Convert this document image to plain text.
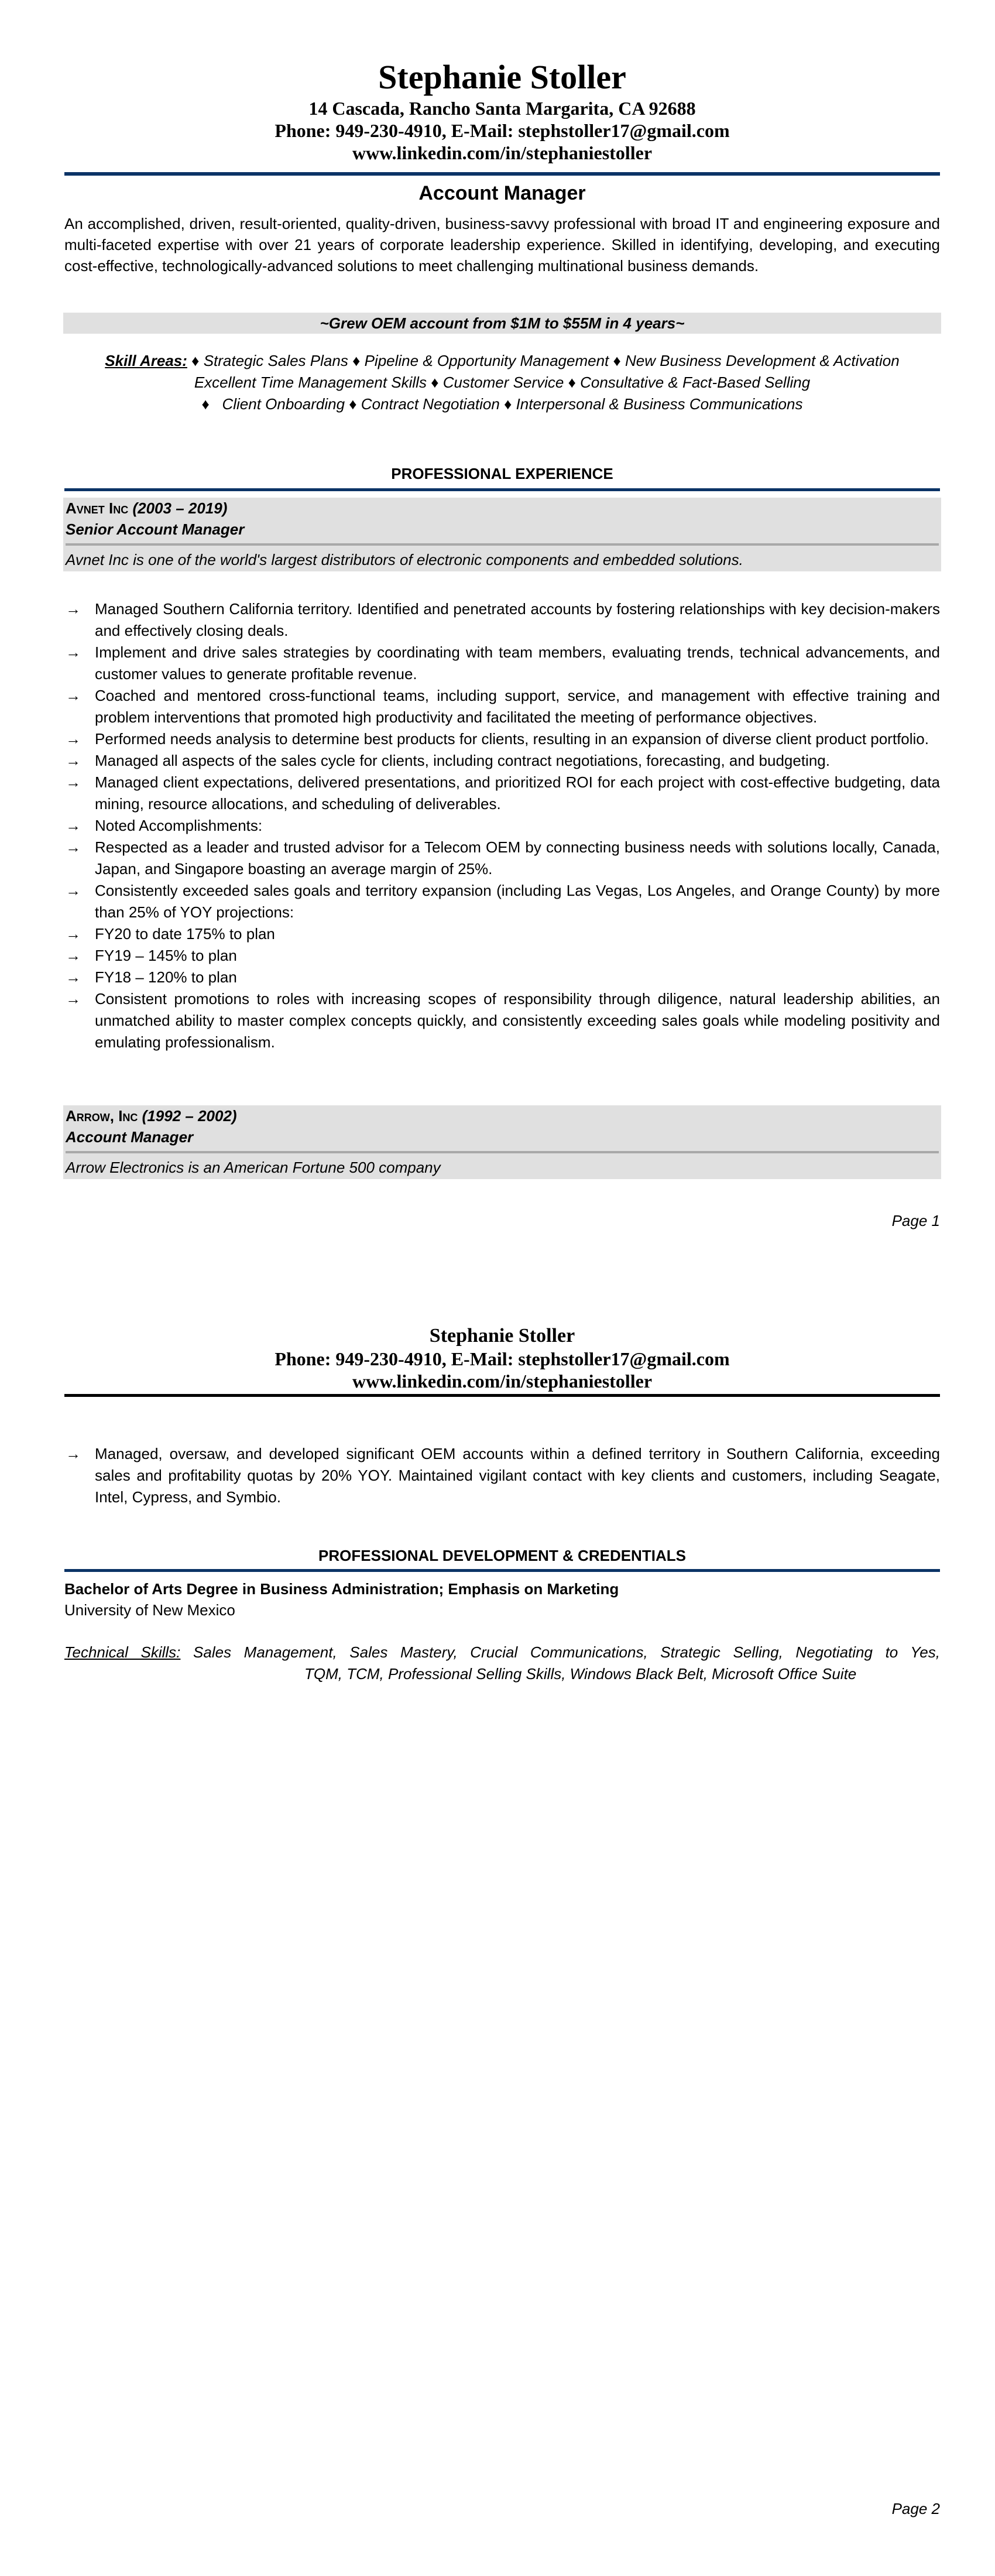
Stephanie Stoller
14 Cascada, Rancho Santa Margarita, CA 92688
Phone: 949-230-4910, E-Mail: stephstoller17@gmail.com
www.linkedin.com/in/stephaniestoller
Account Manager
An accomplished, driven, result-oriented, quality-driven, business-savvy professional with broad IT and engineering exposure and multi-faceted expertise with over 21 years of corporate leadership experience. Skilled in identifying, developing, and executing cost-effective, technologically-advanced solutions to meet challenging multinational business demands.
~Grew OEM account from $1M to $55M in 4 years~
Skill Areas: ♦ Strategic Sales Plans ♦ Pipeline & Opportunity Management ♦ New Business Development & Activation
Excellent Time Management Skills ♦ Customer Service ♦ Consultative & Fact-Based Selling
♦ Client Onboarding ♦ Contract Negotiation ♦ Interpersonal & Business Communications
PROFESSIONAL EXPERIENCE
Avnet Inc (2003 – 2019)
Senior Account Manager
Avnet Inc is one of the world's largest distributors of electronic components and embedded solutions.
→ Managed Southern California territory. Identified and penetrated accounts by fostering relationships with key decision-makers and effectively closing deals.
→ Implement and drive sales strategies by coordinating with team members, evaluating trends, technical advancements, and customer values to generate profitable revenue.
→ Coached and mentored cross-functional teams, including support, service, and management with effective training and problem interventions that promoted high productivity and facilitated the meeting of performance objectives.
→ Performed needs analysis to determine best products for clients, resulting in an expansion of diverse client product portfolio.
→ Managed all aspects of the sales cycle for clients, including contract negotiations, forecasting, and budgeting.
→ Managed client expectations, delivered presentations, and prioritized ROI for each project with cost-effective budgeting, data mining, resource allocations, and scheduling of deliverables.
→ Noted Accomplishments:
→ Respected as a leader and trusted advisor for a Telecom OEM by connecting business needs with solutions locally, Canada, Japan, and Singapore boasting an average margin of 25%.
→ Consistently exceeded sales goals and territory expansion (including Las Vegas, Los Angeles, and Orange County) by more than 25% of YOY projections:
→ FY20 to date 175% to plan
→ FY19 – 145% to plan
→ FY18 – 120% to plan
→ Consistent promotions to roles with increasing scopes of responsibility through diligence, natural leadership abilities, an unmatched ability to master complex concepts quickly, and consistently exceeding sales goals while modeling positivity and emulating professionalism.
Arrow, Inc (1992 – 2002)
Account Manager
Arrow Electronics is an American Fortune 500 company
Page 1
Stephanie Stoller
Phone: 949-230-4910, E-Mail: stephstoller17@gmail.com
www.linkedin.com/in/stephaniestoller
→ Managed, oversaw, and developed significant OEM accounts within a defined territory in Southern California, exceeding sales and profitability quotas by 20% YOY. Maintained vigilant contact with key clients and customers, including Seagate, Intel, Cypress, and Symbio.
PROFESSIONAL DEVELOPMENT & CREDENTIALS
Bachelor of Arts Degree in Business Administration; Emphasis on Marketing
University of New Mexico
Technical Skills: Sales Management, Sales Mastery, Crucial Communications, Strategic Selling, Negotiating to Yes,
TQM, TCM, Professional Selling Skills, Windows Black Belt, Microsoft Office Suite
Page 2
